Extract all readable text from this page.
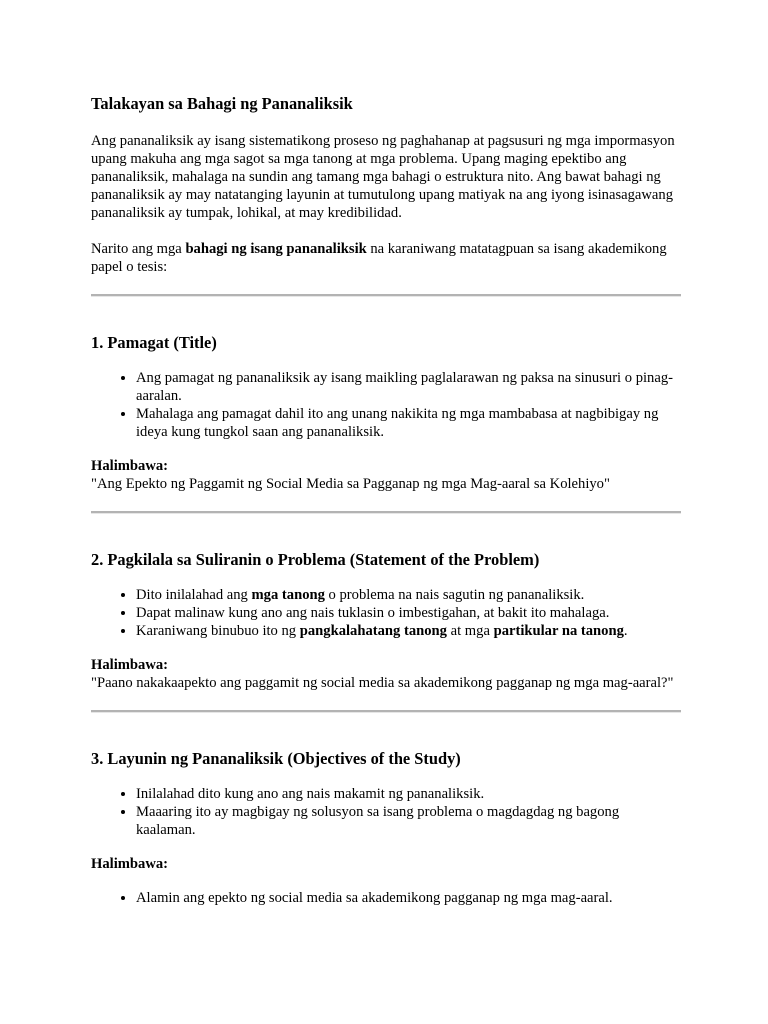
Talakayan sa Bahagi ng Pananaliksik

Ang pananaliksik ay isang sistematikong proseso ng paghahanap at pagsusuri ng mga impormasyon upang makuha ang mga sagot sa mga tanong at mga problema. Upang maging epektibo ang pananaliksik, mahalaga na sundin ang tamang mga bahagi o estruktura nito. Ang bawat bahagi ng pananaliksik ay may natatanging layunin at tumutulong upang matiyak na ang iyong isinasagawang pananaliksik ay tumpak, lohikal, at may kredibilidad.

Narito ang mga bahagi ng isang pananaliksik na karaniwang matatagpuan sa isang akademikong papel o tesis:

1. Pamagat (Title)
• Ang pamagat ng pananaliksik ay isang maikling paglalarawan ng paksa na sinusuri o pinag-aaralan.
• Mahalaga ang pamagat dahil ito ang unang nakikita ng mga mambabasa at nagbibigay ng ideya kung tungkol saan ang pananaliksik.

Halimbawa:

"Ang Epekto ng Paggamit ng Social Media sa Pagganap ng mga Mag-aaral sa Kolehiyo"

2. Pagkilala sa Suliranin o Problema (Statement of the Problem)
• Dito inilalahad ang mga tanong o problema na nais sagutin ng pananaliksik.
• Dapat malinaw kung ano ang nais tuklasin o imbestigahan, at bakit ito mahalaga.
• Karaniwang binubuo ito ng pangkalahatang tanong at mga partikular na tanong.

Halimbawa:

"Paano nakakaapekto ang paggamit ng social media sa akademikong pagganap ng mga mag-aaral?"

3. Layunin ng Pananaliksik (Objectives of the Study)
• Inilalahad dito kung ano ang nais makamit ng pananaliksik.
• Maaaring ito ay magbigay ng solusyon sa isang problema o magdagdag ng bagong kaalaman.

Halimbawa:

• Alamin ang epekto ng social media sa akademikong pagganap ng mga mag-aaral.
